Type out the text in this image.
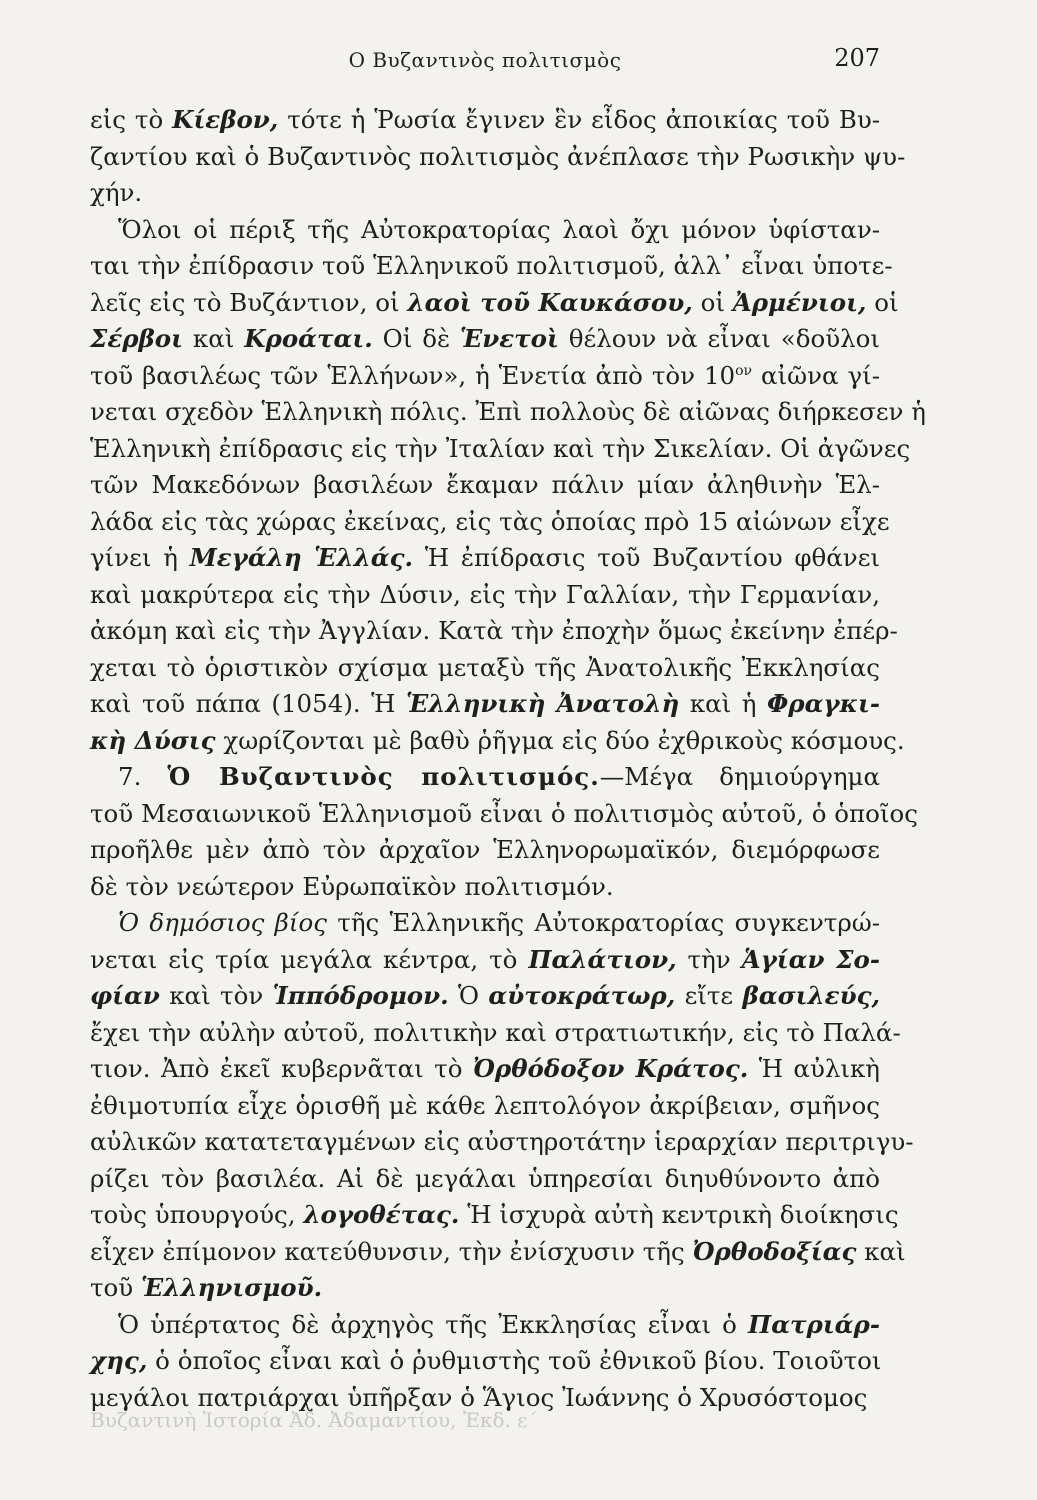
Ο Βυζαντινὸς πολιτισμὸς	207
εἰς τὸ Κίεβον, τότε ἡ Ῥωσία ἔγινεν ἓν εἶδος ἀποικίας τοῦ Βυ-
ζαντίου καὶ ὁ Βυζαντινὸς πολιτισμὸς ἀνέπλασε τὴν Ρωσικὴν ψυ-
χήν.
Ὅλοι οἱ πέριξ τῆς Αὐτοκρατορίας λαοὶ ὄχι μόνον ὑφίσταν-
ται τὴν ἐπίδρασιν τοῦ Ἑλληνικοῦ πολιτισμοῦ, ἀλλ᾽ εἶναι ὑποτε-
λεῖς εἰς τὸ Βυζάντιον, οἱ λαοὶ τοῦ Καυκάσου, οἱ Ἀρμένιοι, οἱ
Σέρβοι καὶ Κροάται. Οἱ δὲ Ἑνετοὶ θέλουν νὰ εἶναι «δοῦλοι
τοῦ βασιλέως τῶν Ἑλλήνων», ἡ Ἑνετία ἀπὸ τὸν $10^{o\nu}$ αἰῶνα γί-
νεται σχεδὸν Ἑλληνικὴ πόλις. Ἐπὶ πολλοὺς δὲ αἰῶνας διήρκεσεν ἡ
Ἑλληνικὴ ἐπίδρασις εἰς τὴν Ἰταλίαν καὶ τὴν Σικελίαν. Οἱ ἀγῶνες
τῶν Μακεδόνων βασιλέων ἔκαμαν πάλιν μίαν ἀληθινὴν Ἑλ-
λάδα εἰς τὰς χώρας ἐκείνας, εἰς τὰς ὁποίας πρὸ 15 αἰώνων εἶχε
γίνει ἡ Μεγάλη Ἑλλάς. Ἡ ἐπίδρασις τοῦ Βυζαντίου φθάνει
καὶ μακρύτερα εἰς τὴν Δύσιν, εἰς τὴν Γαλλίαν, τὴν Γερμανίαν,
ἀκόμη καὶ εἰς τὴν Ἀγγλίαν. Κατὰ τὴν ἐποχὴν ὅμως ἐκείνην ἐπέρ-
χεται τὸ ὁριστικὸν σχίσμα μεταξὺ τῆς Ἀνατολικῆς Ἐκκλησίας
καὶ τοῦ πάπα (1054). Ἡ Ἑλληνικὴ Ἀνατολὴ καὶ ἡ Φραγκι-
κὴ Δύσις χωρίζονται μὲ βαθὺ ῥῆγμα εἰς δύο ἐχθρικοὺς κόσμους.
7. Ὁ Βυζαντινὸς πολιτισμός.—Μέγα δημιούργημα
τοῦ Μεσαιωνικοῦ Ἑλληνισμοῦ εἶναι ὁ πολιτισμὸς αὐτοῦ, ὁ ὁποῖος
προῆλθε μὲν ἀπὸ τὸν ἀρχαῖον Ἑλληνορωμαϊκόν, διεμόρφωσε
δὲ τὸν νεώτερον Εὐρωπαϊκὸν πολιτισμόν.
Ὁ δημόσιος βίος τῆς Ἑλληνικῆς Αὐτοκρατορίας συγκεντρώ-
νεται εἰς τρία μεγάλα κέντρα, τὸ Παλάτιον, τὴν Ἁγίαν Σο-
φίαν καὶ τὸν Ἱππόδρομον. Ὁ αὐτοκράτωρ, εἴτε βασιλεύς,
ἔχει τὴν αὐλὴν αὐτοῦ, πολιτικὴν καὶ στρατιωτικήν, εἰς τὸ Παλά-
τιον. Ἀπὸ ἐκεῖ κυβερνᾶται τὸ Ὀρθόδοξον Κράτος. Ἡ αὐλικὴ
ἐθιμοτυπία εἶχε ὁρισθῆ μὲ κάθε λεπτολόγον ἀκρίβειαν, σμῆνος
αὐλικῶν κατατεταγμένων εἰς αὐστηροτάτην ἱεραρχίαν περιτριγυ-
ρίζει τὸν βασιλέα. Αἱ δὲ μεγάλαι ὑπηρεσίαι διηυθύνοντο ἀπὸ
τοὺς ὑπουργούς, λογοθέτας. Ἡ ἰσχυρὰ αὐτὴ κεντρικὴ διοίκησις
εἶχεν ἐπίμονον κατεύθυνσιν, τὴν ἐνίσχυσιν τῆς Ὀρθοδοξίας καὶ
τοῦ Ἑλληνισμοῦ.
Ὁ ὑπέρτατος δὲ ἀρχηγὸς τῆς Ἐκκλησίας εἶναι ὁ Πατριάρ-
χης, ὁ ὁποῖος εἶναι καὶ ὁ ῥυθμιστὴς τοῦ ἐθνικοῦ βίου. Τοιοῦτοι
μεγάλοι πατριάρχαι ὑπῆρξαν ὁ Ἅγιος Ἰωάννης ὁ Χρυσόστομος
Βυζαντινὴ Ἱστορία Ἀδ. Ἀδαμαντίου, Ἐκδ. ε´
